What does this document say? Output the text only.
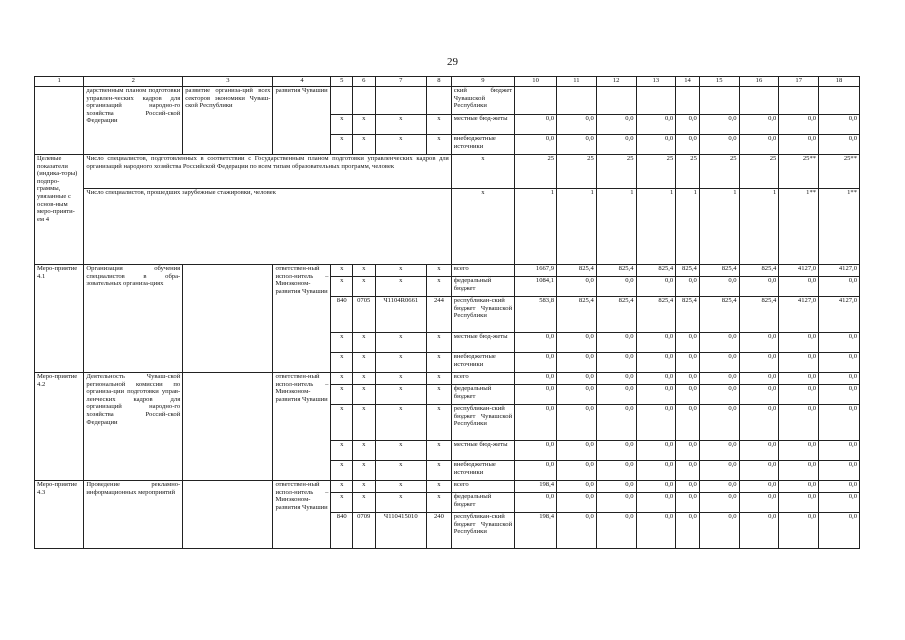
29
1	2	3	4	5	6	7	8	9	10	11	12	13	14	15	16	17	18
	дарственным планом подготовки управлен-ческих кадров для организаций народно-го хозяйства Россий-ской Федерации	развитие организа-ций всех секторов экономики Чуваш-ской Республики	развития Чувашии					ский бюджет Чувашской Республики									
				x	x	x	x	местные бюд-жеты	0,0	0,0	0,0	0,0	0,0	0,0	0,0	0,0	0,0
				x	x	x	x	внебюджетные источники	0,0	0,0	0,0	0,0	0,0	0,0	0,0	0,0	0,0
Целевые показатели (индика-торы) подпро-граммы, увязанные с основ-ным меро-прияти-ем 4	Число специалистов, подготовленных в соответствии с Государственным планом подготовки управленческих кадров для организаций народного хозяйства Российской Федерации по всем типам образовательных программ, человек							x	25	25	25	25	25	25	25	25**	25**
	Число специалистов, прошедших зарубежные стажировки, человек							x	1	1	1	1	1	1	1	1**	1**
Меро-приятие 4.1	Организация обучения специалистов в обра-зовательных организа-циях		ответствен-ный испол-нитель – Минэконом-развития Чувашии	x	x	x	x	всего	1667,9	825,4	825,4	825,4	825,4	825,4	825,4	4127,0	4127,0
				x	x	x	x	федеральный бюджет	1084,1	0,0	0,0	0,0	0,0	0,0	0,0	0,0	0,0
				840	0705	Ч1104R0661	244	республикан-ский бюджет Чувашской Республики	583,8	825,4	825,4	825,4	825,4	825,4	825,4	4127,0	4127,0
				x	x	x	x	местные бюд-жеты	0,0	0,0	0,0	0,0	0,0	0,0	0,0	0,0	0,0
				x	x	x	x	внебюджетные источники	0,0	0,0	0,0	0,0	0,0	0,0	0,0	0,0	0,0
Меро-приятие 4.2	Деятельность Чуваш-ской региональной комиссии по организа-ции подготовки управ-ленческих кадров для организаций народно-го хозяйства Россий-ской Федерации		ответствен-ный испол-нитель – Минэконом-развития Чувашии	x	x	x	x	всего	0,0	0,0	0,0	0,0	0,0	0,0	0,0	0,0	0,0
				x	x	x	x	федеральный бюджет	0,0	0,0	0,0	0,0	0,0	0,0	0,0	0,0	0,0
				x	x	x	x	республикан-ский бюджет Чувашской Республики	0,0	0,0	0,0	0,0	0,0	0,0	0,0	0,0	0,0
				x	x	x	x	местные бюд-жеты	0,0	0,0	0,0	0,0	0,0	0,0	0,0	0,0	0,0
				x	x	x	x	внебюджетные источники	0,0	0,0	0,0	0,0	0,0	0,0	0,0	0,0	0,0
Меро-приятие 4.3	Проведение рекламно-информационных мероприятий		ответствен-ный испол-нитель – Минэконом-развития Чувашии	x	x	x	x	всего	198,4	0,0	0,0	0,0	0,0	0,0	0,0	0,0	0,0
				x	x	x	x	федеральный бюджет	0,0	0,0	0,0	0,0	0,0	0,0	0,0	0,0	0,0
				840	0709	Ч110415010	240	республикан-ский бюджет Чувашской Республики	198,4	0,0	0,0	0,0	0,0	0,0	0,0	0,0	0,0
